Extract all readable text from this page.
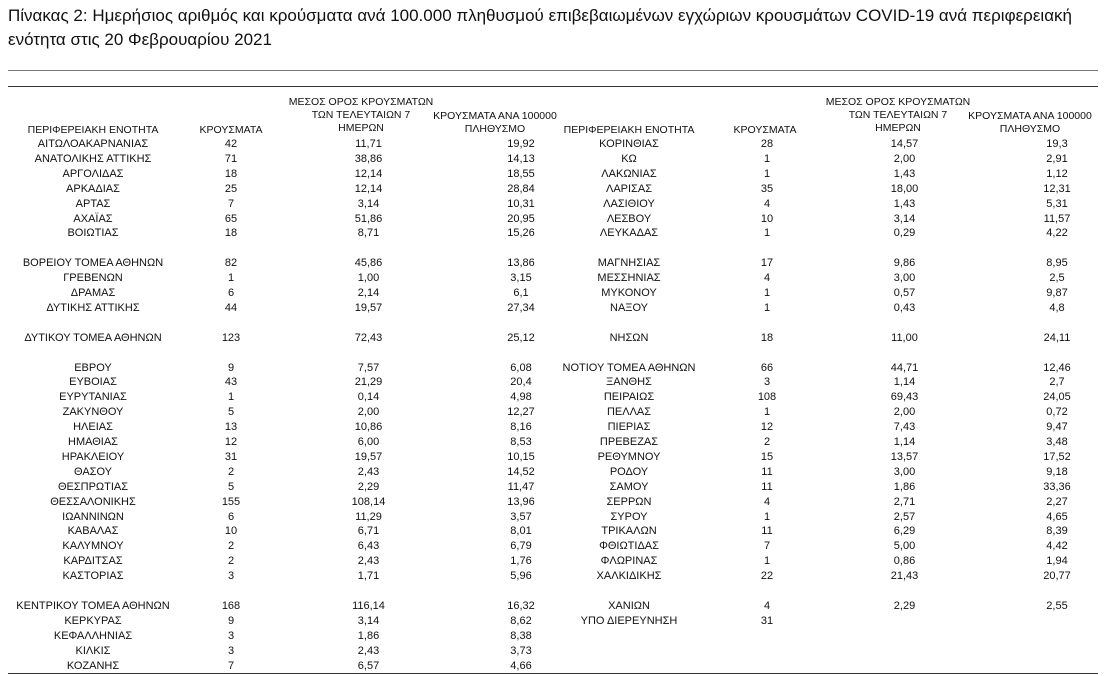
Πίνακας 2: Ημερήσιος αριθμός και κρούσματα ανά 100.000 πληθυσμού επιβεβαιωμένων εγχώριων κρουσμάτων COVID-19 ανά περιφερειακή ενότητα στις 20 Φεβρουαρίου 2021
ΠΕΡΙΦΕΡΕΙΑΚΗ ΕΝΟΤΗΤΑ	ΚΡΟΥΣΜΑΤΑ
ΜΕΣΟΣ ΟΡΟΣ ΚΡΟΥΣΜΑΤΩΝ
ΤΩΝ ΤΕΛΕΥΤΑΙΩΝ 7
ΗΜΕΡΩΝ
ΚΡΟΥΣΜΑΤΑ ΑΝΑ 100000
ΠΛΗΘΥΣΜΟ	ΠΕΡΙΦΕΡΕΙΑΚΗ ΕΝΟΤΗΤΑ	ΚΡΟΥΣΜΑΤΑ
ΜΕΣΟΣ ΟΡΟΣ ΚΡΟΥΣΜΑΤΩΝ
ΤΩΝ ΤΕΛΕΥΤΑΙΩΝ 7
ΗΜΕΡΩΝ
ΚΡΟΥΣΜΑΤΑ ΑΝΑ 100000
ΠΛΗΘΥΣΜΟ
ΑΙΤΩΛΟΑΚΑΡΝΑΝΙΑΣ	42	11,71	19,92
ΑΝΑΤΟΛΙΚΗΣ ΑΤΤΙΚΗΣ	71	38,86	14,13
ΑΡΓΟΛΙΔΑΣ	18	12,14	18,55
ΑΡΚΑΔΙΑΣ	25	12,14	28,84
ΑΡΤΑΣ	7	3,14	10,31
ΑΧΑΪΑΣ	65	51,86	20,95
ΒΟΙΩΤΙΑΣ	18	8,71	15,26
ΒΟΡΕΙΟΥ ΤΟΜΕΑ ΑΘΗΝΩΝ	82	45,86	13,86
ΓΡΕΒΕΝΩΝ	1	1,00	3,15
ΔΡΑΜΑΣ	6	2,14	6,1
ΔΥΤΙΚΗΣ ΑΤΤΙΚΗΣ	44	19,57	27,34
ΔΥΤΙΚΟΥ ΤΟΜΕΑ ΑΘΗΝΩΝ	123	72,43	25,12
ΕΒΡΟΥ	9	7,57	6,08
ΕΥΒΟΙΑΣ	43	21,29	20,4
ΕΥΡΥΤΑΝΙΑΣ	1	0,14	4,98
ΖΑΚΥΝΘΟΥ	5	2,00	12,27
ΗΛΕΙΑΣ	13	10,86	8,16
ΗΜΑΘΙΑΣ	12	6,00	8,53
ΗΡΑΚΛΕΙΟΥ	31	19,57	10,15
ΘΑΣΟΥ	2	2,43	14,52
ΘΕΣΠΡΩΤΙΑΣ	5	2,29	11,47
ΘΕΣΣΑΛΟΝΙΚΗΣ	155	108,14	13,96
ΙΩΑΝΝΙΝΩΝ	6	11,29	3,57
ΚΑΒΑΛΑΣ	10	6,71	8,01
ΚΑΛΥΜΝΟΥ	2	6,43	6,79
ΚΑΡΔΙΤΣΑΣ	2	2,43	1,76
ΚΑΣΤΟΡΙΑΣ	3	1,71	5,96
ΚΕΝΤΡΙΚΟΥ ΤΟΜΕΑ ΑΘΗΝΩΝ	168	116,14	16,32
ΚΕΡΚΥΡΑΣ	9	3,14	8,62
ΚΕΦΑΛΛΗΝΙΑΣ	3	1,86	8,38
ΚΙΛΚΙΣ	3	2,43	3,73
ΚΟΖΑΝΗΣ	7	6,57	4,66
ΚΟΡΙΝΘΙΑΣ	28	14,57	19,3
ΚΩ	1	2,00	2,91
ΛΑΚΩΝΙΑΣ	1	1,43	1,12
ΛΑΡΙΣΑΣ	35	18,00	12,31
ΛΑΣΙΘΙΟΥ	4	1,43	5,31
ΛΕΣΒΟΥ	10	3,14	11,57
ΛΕΥΚΑΔΑΣ	1	0,29	4,22
ΜΑΓΝΗΣΙΑΣ	17	9,86	8,95
ΜΕΣΣΗΝΙΑΣ	4	3,00	2,5
ΜΥΚΟΝΟΥ	1	0,57	9,87
ΝΑΞΟΥ	1	0,43	4,8
ΝΗΣΩΝ	18	11,00	24,11
ΝΟΤΙΟΥ ΤΟΜΕΑ ΑΘΗΝΩΝ	66	44,71	12,46
ΞΑΝΘΗΣ	3	1,14	2,7
ΠΕΙΡΑΙΩΣ	108	69,43	24,05
ΠΕΛΛΑΣ	1	2,00	0,72
ΠΙΕΡΙΑΣ	12	7,43	9,47
ΠΡΕΒΕΖΑΣ	2	1,14	3,48
ΡΕΘΥΜΝΟΥ	15	13,57	17,52
ΡΟΔΟΥ	11	3,00	9,18
ΣΑΜΟΥ	11	1,86	33,36
ΣΕΡΡΩΝ	4	2,71	2,27
ΣΥΡΟΥ	1	2,57	4,65
ΤΡΙΚΑΛΩΝ	11	6,29	8,39
ΦΘΙΩΤΙΔΑΣ	7	5,00	4,42
ΦΛΩΡΙΝΑΣ	1	0,86	1,94
ΧΑΛΚΙΔΙΚΗΣ	22	21,43	20,77
ΧΑΝΙΩΝ	4	2,29	2,55
ΥΠΟ ΔΙΕΡΕΥΝΗΣΗ	31
